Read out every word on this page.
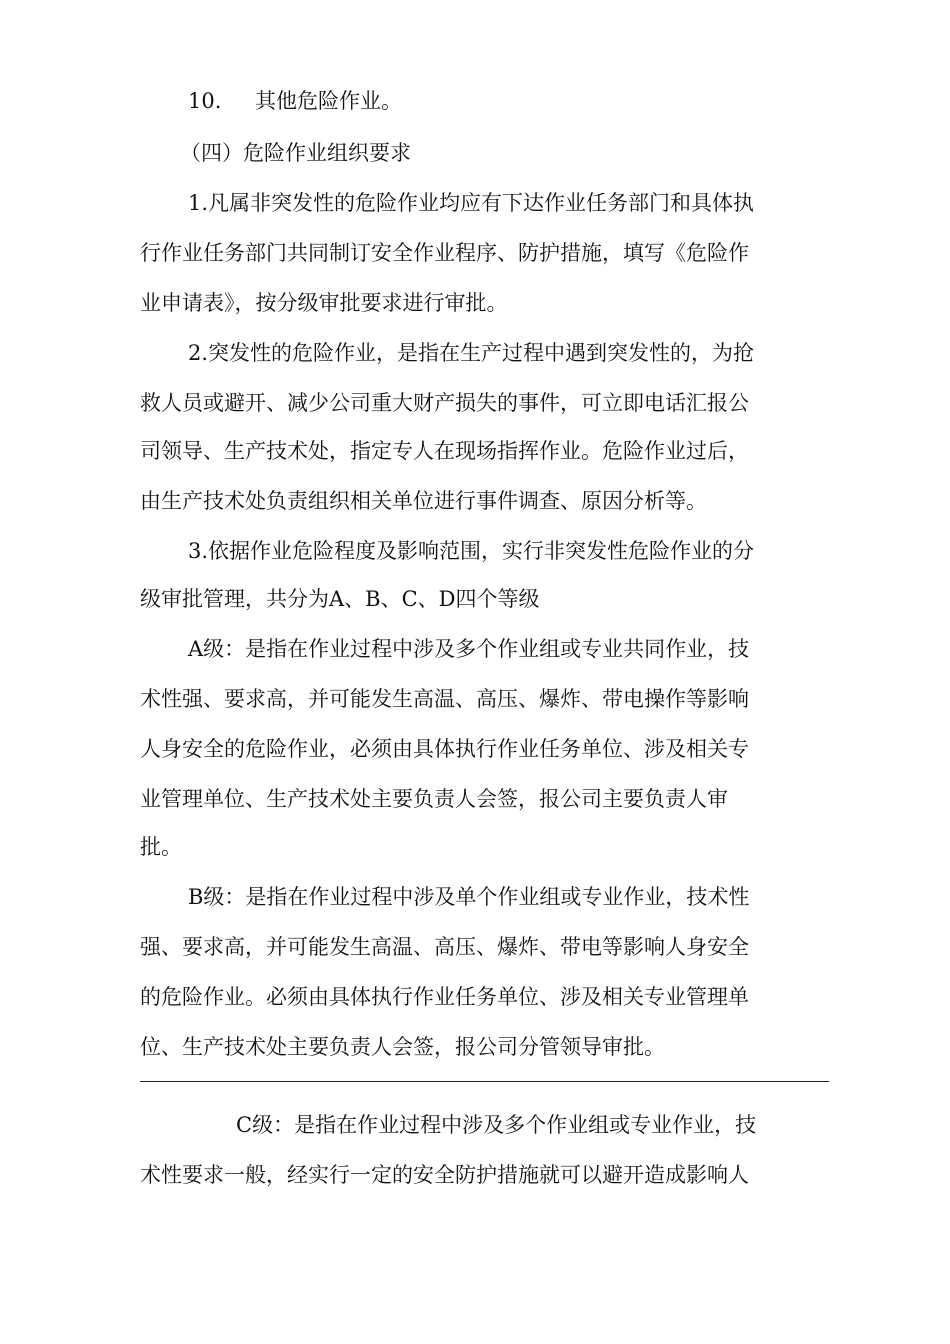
10. 其他危险作业。
（四）危险作业组织要求
1.凡属非突发性的危险作业均应有下达作业任务部门和具体执
行作业任务部门共同制订安全作业程序、防护措施，填写《危险作
业申请表》，按分级审批要求进行审批。
2.突发性的危险作业，是指在生产过程中遇到突发性的，为抢
救人员或避开、减少公司重大财产损失的事件，可立即电话汇报公
司领导、生产技术处，指定专人在现场指挥作业。危险作业过后，
由生产技术处负责组织相关单位进行事件调查、原因分析等。
3.依据作业危险程度及影响范围，实行非突发性危险作业的分
级审批管理，共分为A、B、C、D四个等级
A级：是指在作业过程中涉及多个作业组或专业共同作业，技
术性强、要求高，并可能发生高温、高压、爆炸、带电操作等影响
人身安全的危险作业，必须由具体执行作业任务单位、涉及相关专
业管理单位、生产技术处主要负责人会签，报公司主要负责人审
批。
B级：是指在作业过程中涉及单个作业组或专业作业，技术性
强、要求高，并可能发生高温、高压、爆炸、带电等影响人身安全
的危险作业。必须由具体执行作业任务单位、涉及相关专业管理单
位、生产技术处主要负责人会签，报公司分管领导审批。
C级：是指在作业过程中涉及多个作业组或专业作业，技
术性要求一般，经实行一定的安全防护措施就可以避开造成影响人
